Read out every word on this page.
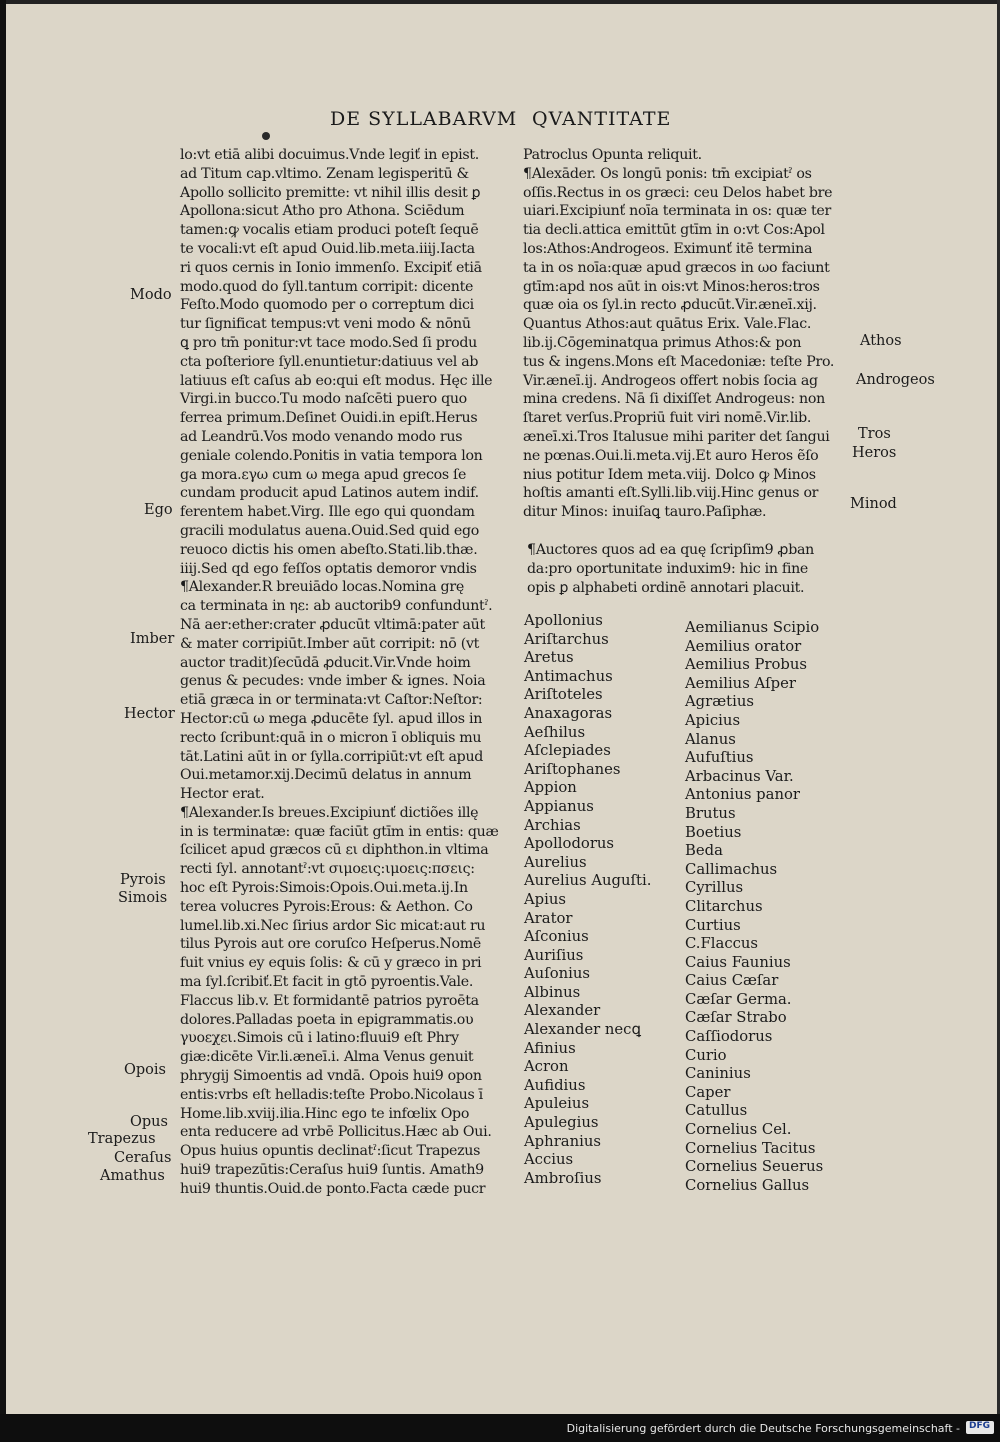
DE SYLLABARVM QVANTITATE
lo:vt etiā alibi docuimus.Vnde legiť in epist.
ad Titum cap.vltimo. Zenam legisperitū &
Apollo sollicito premitte: vt nihil illis desit ꝑ
Apollona:sicut Atho pro Athona. Sciēdum
tamen:ꝙ vocalis etiam produci poteſt ſequē
te vocali:vt eſt apud Ouid.lib.meta.iiij.Iacta
ri quos cernis in Ionio immenſo. Excipiť etiā
modo.quod do ſyll.tantum corripit: dicente
Feſto.Modo quomodo per o correptum dici
tur ſignificat tempus:vt veni modo & nōnū
ꝗ pro tm̄ ponitur:vt tace modo.Sed ſi produ
cta poſteriore ſyll.enuntietur:datiuus vel ab
latiuus eſt caſus ab eo:qui eſt modus. Hęc ille
Virgi.in bucco.Tu modo naſcēti puero quo
ferrea primum.Deſinet Ouidi.in epiſt.Herus
ad Leandrū.Vos modo venando modo rus
geniale colendo.Ponitis in vatia tempora lon
ga mora.εγω cum ω mega apud grecos ſe
cundam producit apud Latinos autem indif.
ferentem habet.Virg. Ille ego qui quondam
gracili modulatus auena.Ouid.Sed quid ego
reuoco dictis his omen abeſto.Stati.lib.thæ.
iiij.Sed qd ego feſſos optatis demoror vndis
¶Alexander.R breuiādo locas.Nomina grę
ca terminata in ηε: ab auctorib9 confunduntˀ.
Nā aer:ether:crater ꝓducūt vltimā:pater aūt
& mater corripiūt.Imber aūt corripit: nō (vt
auctor tradit)ſecūdā ꝓducit.Vir.Vnde hoim
genus & pecudes: vnde imber & ignes. Noia
etiā græca in or terminata:vt Caſtor:Neſtor:
Hector:cū ω mega ꝓducēte ſyl. apud illos in
recto ſcribunt:quā in o micron ī obliquis mu
tāt.Latini aūt in or ſylla.corripiūt:vt eſt apud
Oui.metamor.xij.Decimū delatus in annum
Hector erat.
¶Alexander.Is breues.Excipiunť dictiões illę
in is terminatæ: quæ faciūt gtīm in entis: quæ
ſcilicet apud græcos cū ει diphthon.in vltima
recti ſyl. annotantˀ:vt σιμοεις:ιμοεις:πσεις:
hoc eſt Pyrois:Simois:Opois.Oui.meta.ij.In
terea volucres Pyrois:Erous: & Aethon. Co
lumel.lib.xi.Nec ſirius ardor Sic micat:aut ru
tilus Pyrois aut ore coruſco Heſperus.Nomē
fuit vnius ey equis ſolis: & cū y græco in pri
ma ſyl.ſcribiť.Et facit in gtō pyroentis.Vale.
Flaccus lib.v. Et formidantē patrios pyroēta
dolores.Palladas poeta in epigrammatis.ου
γυοεχει.Simois cū i latino:fluui9 eſt Phry
giæ:dicēte Vir.li.æneī.i. Alma Venus genuit
phrygij Simoentis ad vndā. Opois hui9 opon
entis:vrbs eſt helladis:teſte Probo.Nicolaus ī
Home.lib.xviij.ilia.Hinc ego te infœlix Opo
enta reducere ad vrbē Pollicitus.Hæc ab Oui.
Opus huius opuntis declinatˀ:ſicut Trapezus
hui9 trapezūtis:Ceraſus hui9 ſuntis. Amath9
hui9 thuntis.Ouid.de ponto.Facta cæde pucr
Patroclus Opunta reliquit.
¶Alexāder. Os longū ponis: tm̄ excipiatˀ os
oſſis.Rectus in os græci: ceu Delos habet bre
uiari.Excipiunť noīa terminata in os: quæ ter
tia decli.attica emittūt gtīm in o:vt Cos:Apol
los:Athos:Androgeos. Eximunť itē termina
ta in os noīa:quæ apud græcos in ωο faciunt
gtīm:apd nos aūt in ois:vt Minos:heros:tros
quæ oia os ſyl.in recto ꝓducūt.Vir.æneī.xij.
Quantus Athos:aut quātus Erix. Vale.Flac.
lib.ij.Cōgeminatqua primus Athos:& pon
tus & ingens.Mons eſt Macedoniæ: teſte Pro.
Vir.æneī.ij. Androgeos offert nobis ſocia ag
mina credens. Nā ſi dixiſſet Androgeus: non
ſtaret verſus.Propriū fuit viri nomē.Vir.lib.
æneī.xi.Tros Italusue mihi pariter det ſangui
ne pœnas.Oui.li.meta.vij.Et auro Heros ẽſo
nius potitur Idem meta.viij. Dolco ꝙ Minos
hoſtis amanti eſt.Sylli.lib.viij.Hinc genus or
ditur Minos: inuiſaꝗ tauro.Paſiphæ.
¶Auctores quos ad ea quę ſcripſim9 ꝓban
da:pro oportunitate induxim9: hic in fine
opis ꝑ alphabeti ordinē annotari placuit.
Modo
Ego
Imber
Hector
Pyrois
Simois
Opois
Opus
Trapezus
Ceraſus
Amathus
Athos
Androgeos
Tros
Heros
Minod
Apollonius
Ariſtarchus
Aretus
Antimachus
Ariſtoteles
Anaxagoras
Aeſhilus
Aſclepiades
Ariſtophanes
Appion
Appianus
Archias
Apollodorus
Aurelius
Aurelius Auguſti.
Apius
Arator
Aſconius
Auriſius
Auſonius
Albinus
Alexander
Alexander necꝗ
Afinius
Acron
Aufidius
Apuleius
Apulegius
Aphranius
Accius
Ambroſius
Aemilianus Scipio
Aemilius orator
Aemilius Probus
Aemilius Aſper
Agrætius
Apicius
Alanus
Aufuſtius
Arbacinus Var.
Antonius panor
Brutus
Boetius
Beda
Callimachus
Cyrillus
Clitarchus
Curtius
C.Flaccus
Caius Faunius
Caius Cæſar
Cæſar Germa.
Cæſar Strabo
Caſſiodorus
Curio
Caninius
Caper
Catullus
Cornelius Cel.
Cornelius Tacitus
Cornelius Seuerus
Cornelius Gallus
Digitalisierung gefördert durch die Deutsche Forschungsgemeinschaft - DFG
